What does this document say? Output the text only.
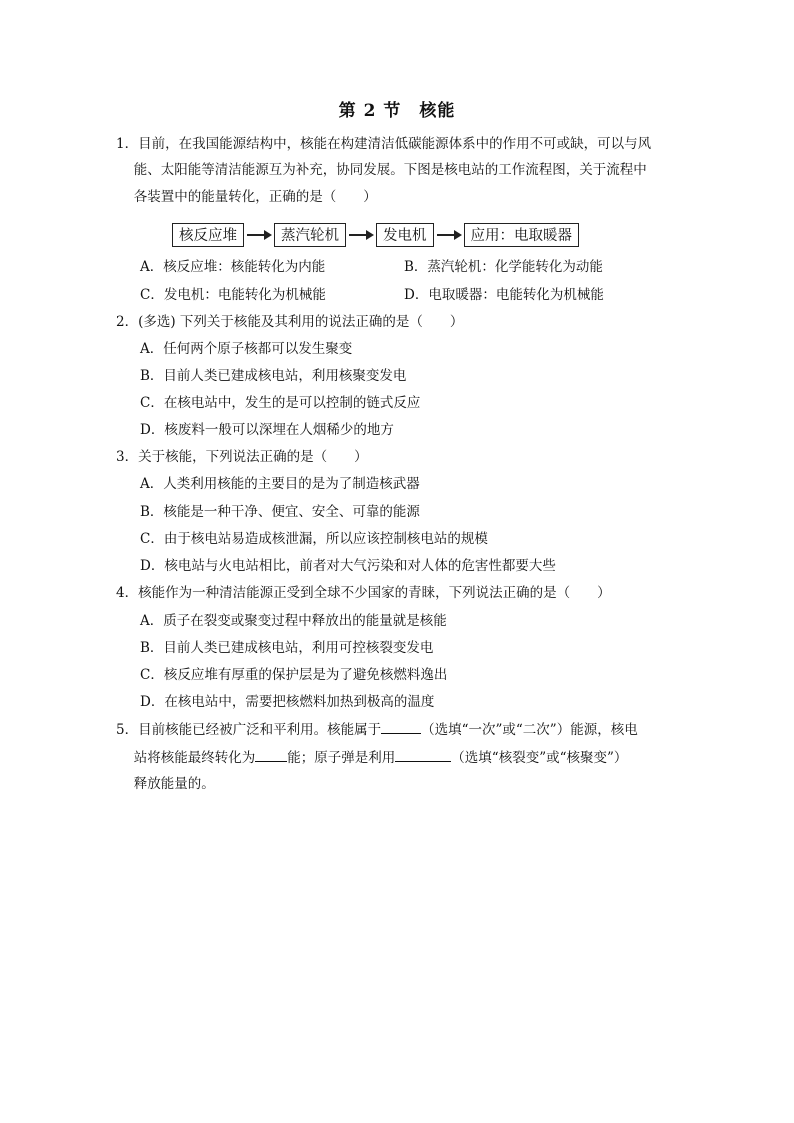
第 2 节　核能
1．目前，在我国能源结构中，核能在构建清洁低碳能源体系中的作用不可或缺，可以与风
　 能、太阳能等清洁能源互为补充，协同发展。下图是核电站的工作流程图，关于流程中
　 各装置中的能量转化，正确的是（　　）
核反应堆	蒸汽轮机	发电机	应用：电取暖器
A．核反应堆：核能转化为内能	B．蒸汽轮机：化学能转化为动能
C．发电机：电能转化为机械能	D．电取暖器：电能转化为机械能
2．(多选) 下列关于核能及其利用的说法正确的是（　　）
A．任何两个原子核都可以发生聚变
B．目前人类已建成核电站，利用核聚变发电
C．在核电站中，发生的是可以控制的链式反应
D．核废料一般可以深埋在人烟稀少的地方
3．关于核能，下列说法正确的是（　　）
A．人类利用核能的主要目的是为了制造核武器
B．核能是一种干净、便宜、安全、可靠的能源
C．由于核电站易造成核泄漏，所以应该控制核电站的规模
D．核电站与火电站相比，前者对大气污染和对人体的危害性都要大些
4．核能作为一种清洁能源正受到全球不少国家的青睐，下列说法正确的是（　　）
A．质子在裂变或聚变过程中释放出的能量就是核能
B．目前人类已建成核电站，利用可控核裂变发电
C．核反应堆有厚重的保护层是为了避免核燃料逸出
D．在核电站中，需要把核燃料加热到极高的温度
5．目前核能已经被广泛和平利用。核能属于	（选填“一次”或“二次”）能源，核电
　 站将核能最终转化为 能；原子弹是利用	（选填“核裂变”或“核聚变”）
　 释放能量的。
